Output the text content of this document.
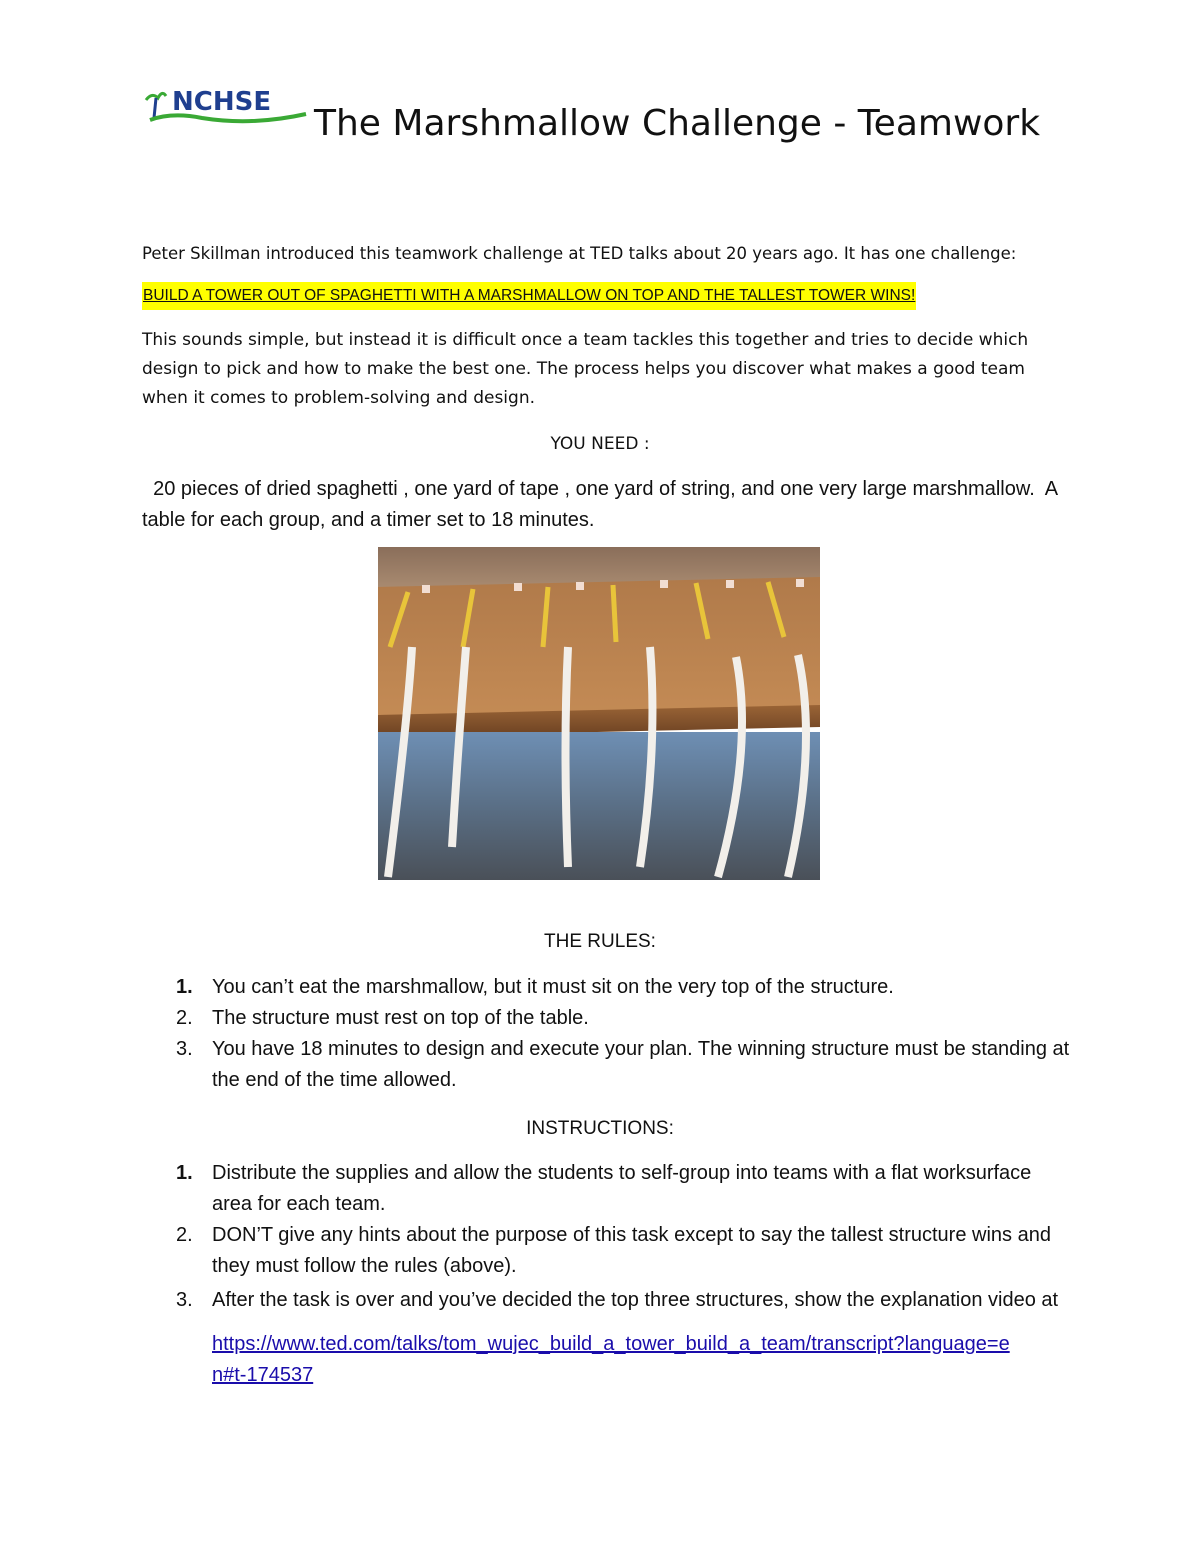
NCHSE
The Marshmallow Challenge - Teamwork

Peter Skillman introduced this teamwork challenge at TED talks about 20 years ago. It has one challenge:

BUILD A TOWER OUT OF SPAGHETTI WITH A MARSHMALLOW ON TOP AND THE TALLEST TOWER WINS!

This sounds simple, but instead it is difficult once a team tackles this together and tries to decide which design to pick and how to make the best one. The process helps you discover what makes a good team when it comes to problem-solving and design.

YOU NEED :

20 pieces of dried spaghetti , one yard of tape , one yard of string, and one very large marshmallow.  A table for each group, and a timer set to 18 minutes.

THE RULES:

1. You can’t eat the marshmallow, but it must sit on the very top of the structure.
2. The structure must rest on top of the table.
3. You have 18 minutes to design and execute your plan. The winning structure must be standing at the end of the time allowed.

INSTRUCTIONS:

1. Distribute the supplies and allow the students to self-group into teams with a flat worksurface area for each team.
2. DON’T give any hints about the purpose of this task except to say the tallest structure wins and they must follow the rules (above).
3. After the task is over and you’ve decided the top three structures, show the explanation video at
https://www.ted.com/talks/tom_wujec_build_a_tower_build_a_team/transcript?language=en#t-174537
